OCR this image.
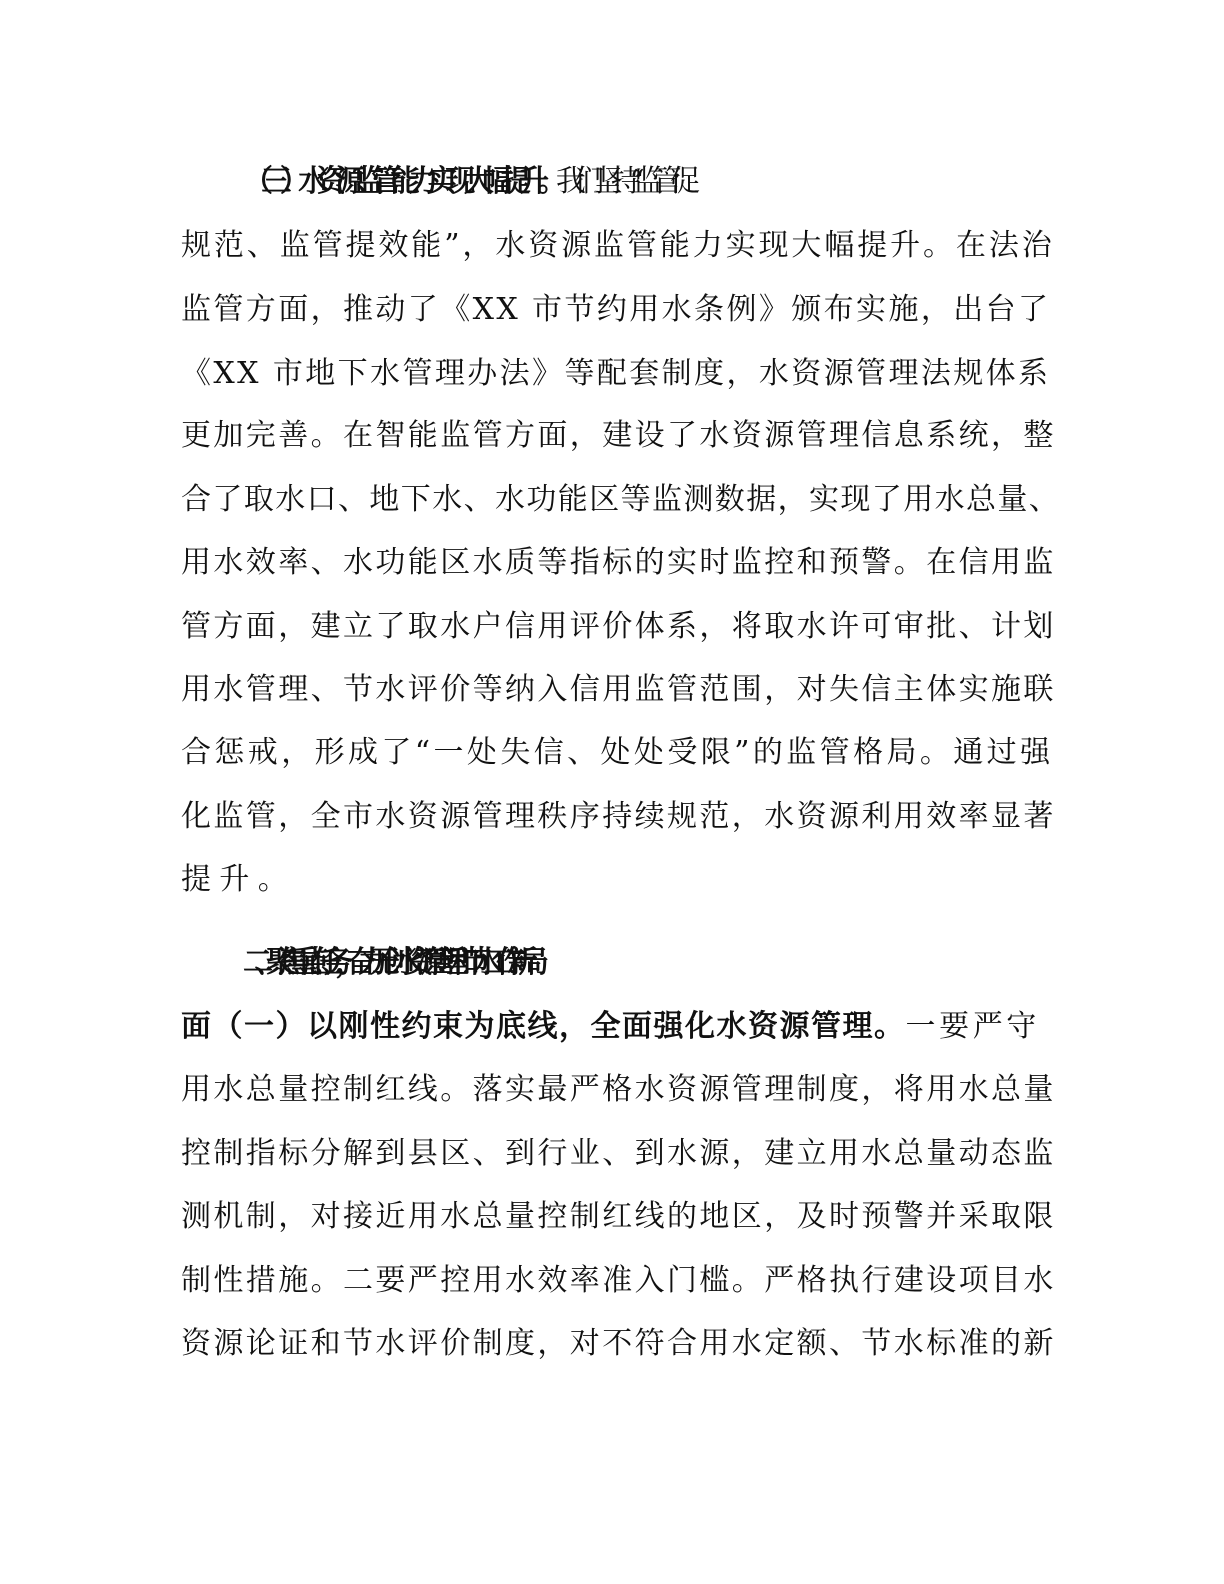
（三）水资源监管能力实现大幅提升。我们坚持“监管促
规范、监管提效能”，水资源监管能力实现大幅提升。在法治
监管方面，推动了《XX 市节约用水条例》颁布实施，出台了
《XX 市地下水管理办法》等配套制度，水资源管理法规体系
更加完善。在智能监管方面，建设了水资源管理信息系统，整
合了取水口、地下水、水功能区等监测数据，实现了用水总量、
用水效率、水功能区水质等指标的实时监控和预警。在信用监
管方面，建立了取水户信用评价体系，将取水许可审批、计划
用水管理、节水评价等纳入信用监管范围，对失信主体实施联
合惩戒，形成了“一处失信、处处受限”的监管格局。通过强
化监管，全市水资源管理秩序持续规范，水资源利用效率显著
提升。
二、聚焦重点任务，奋力开创水资源管理和节水工作新局
面（一）以刚性约束为底线，全面强化水资源管理。一要严守
用水总量控制红线。落实最严格水资源管理制度，将用水总量
控制指标分解到县区、到行业、到水源，建立用水总量动态监
测机制，对接近用水总量控制红线的地区，及时预警并采取限
制性措施。二要严控用水效率准入门槛。严格执行建设项目水
资源论证和节水评价制度，对不符合用水定额、节水标准的新
